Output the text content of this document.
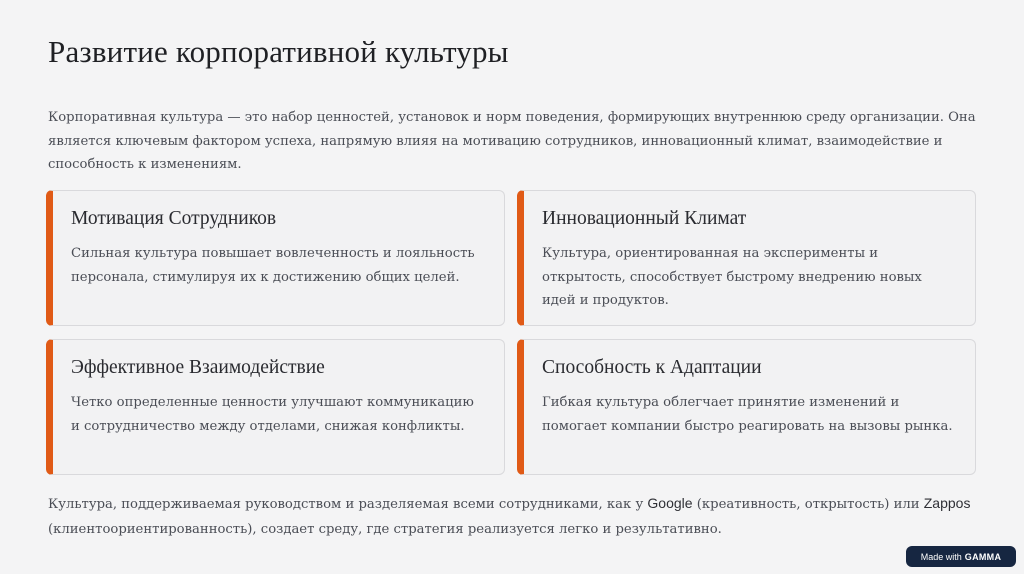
Развитие корпоративной культуры

Корпоративная культура — это набор ценностей, установок и норм поведения, формирующих внутреннюю среду организации. Она является ключевым фактором успеха, напрямую влияя на мотивацию сотрудников, инновационный климат, взаимодействие и способность к изменениям.

Мотивация Сотрудников

Сильная культура повышает вовлеченность и лояльность персонала, стимулируя их к достижению общих целей.

Инновационный Климат

Культура, ориентированная на эксперименты и открытость, способствует быстрому внедрению новых идей и продуктов.

Эффективное Взаимодействие

Четко определенные ценности улучшают коммуникацию и сотрудничество между отделами, снижая конфликты.

Способность к Адаптации

Гибкая культура облегчает принятие изменений и помогает компании быстро реагировать на вызовы рынка.

Культура, поддерживаемая руководством и разделяемая всеми сотрудниками, как у Google (креативность, открытость) или Zappos (клиентоориентированность), создает среду, где стратегия реализуется легко и результативно.

Made with GAMMA
